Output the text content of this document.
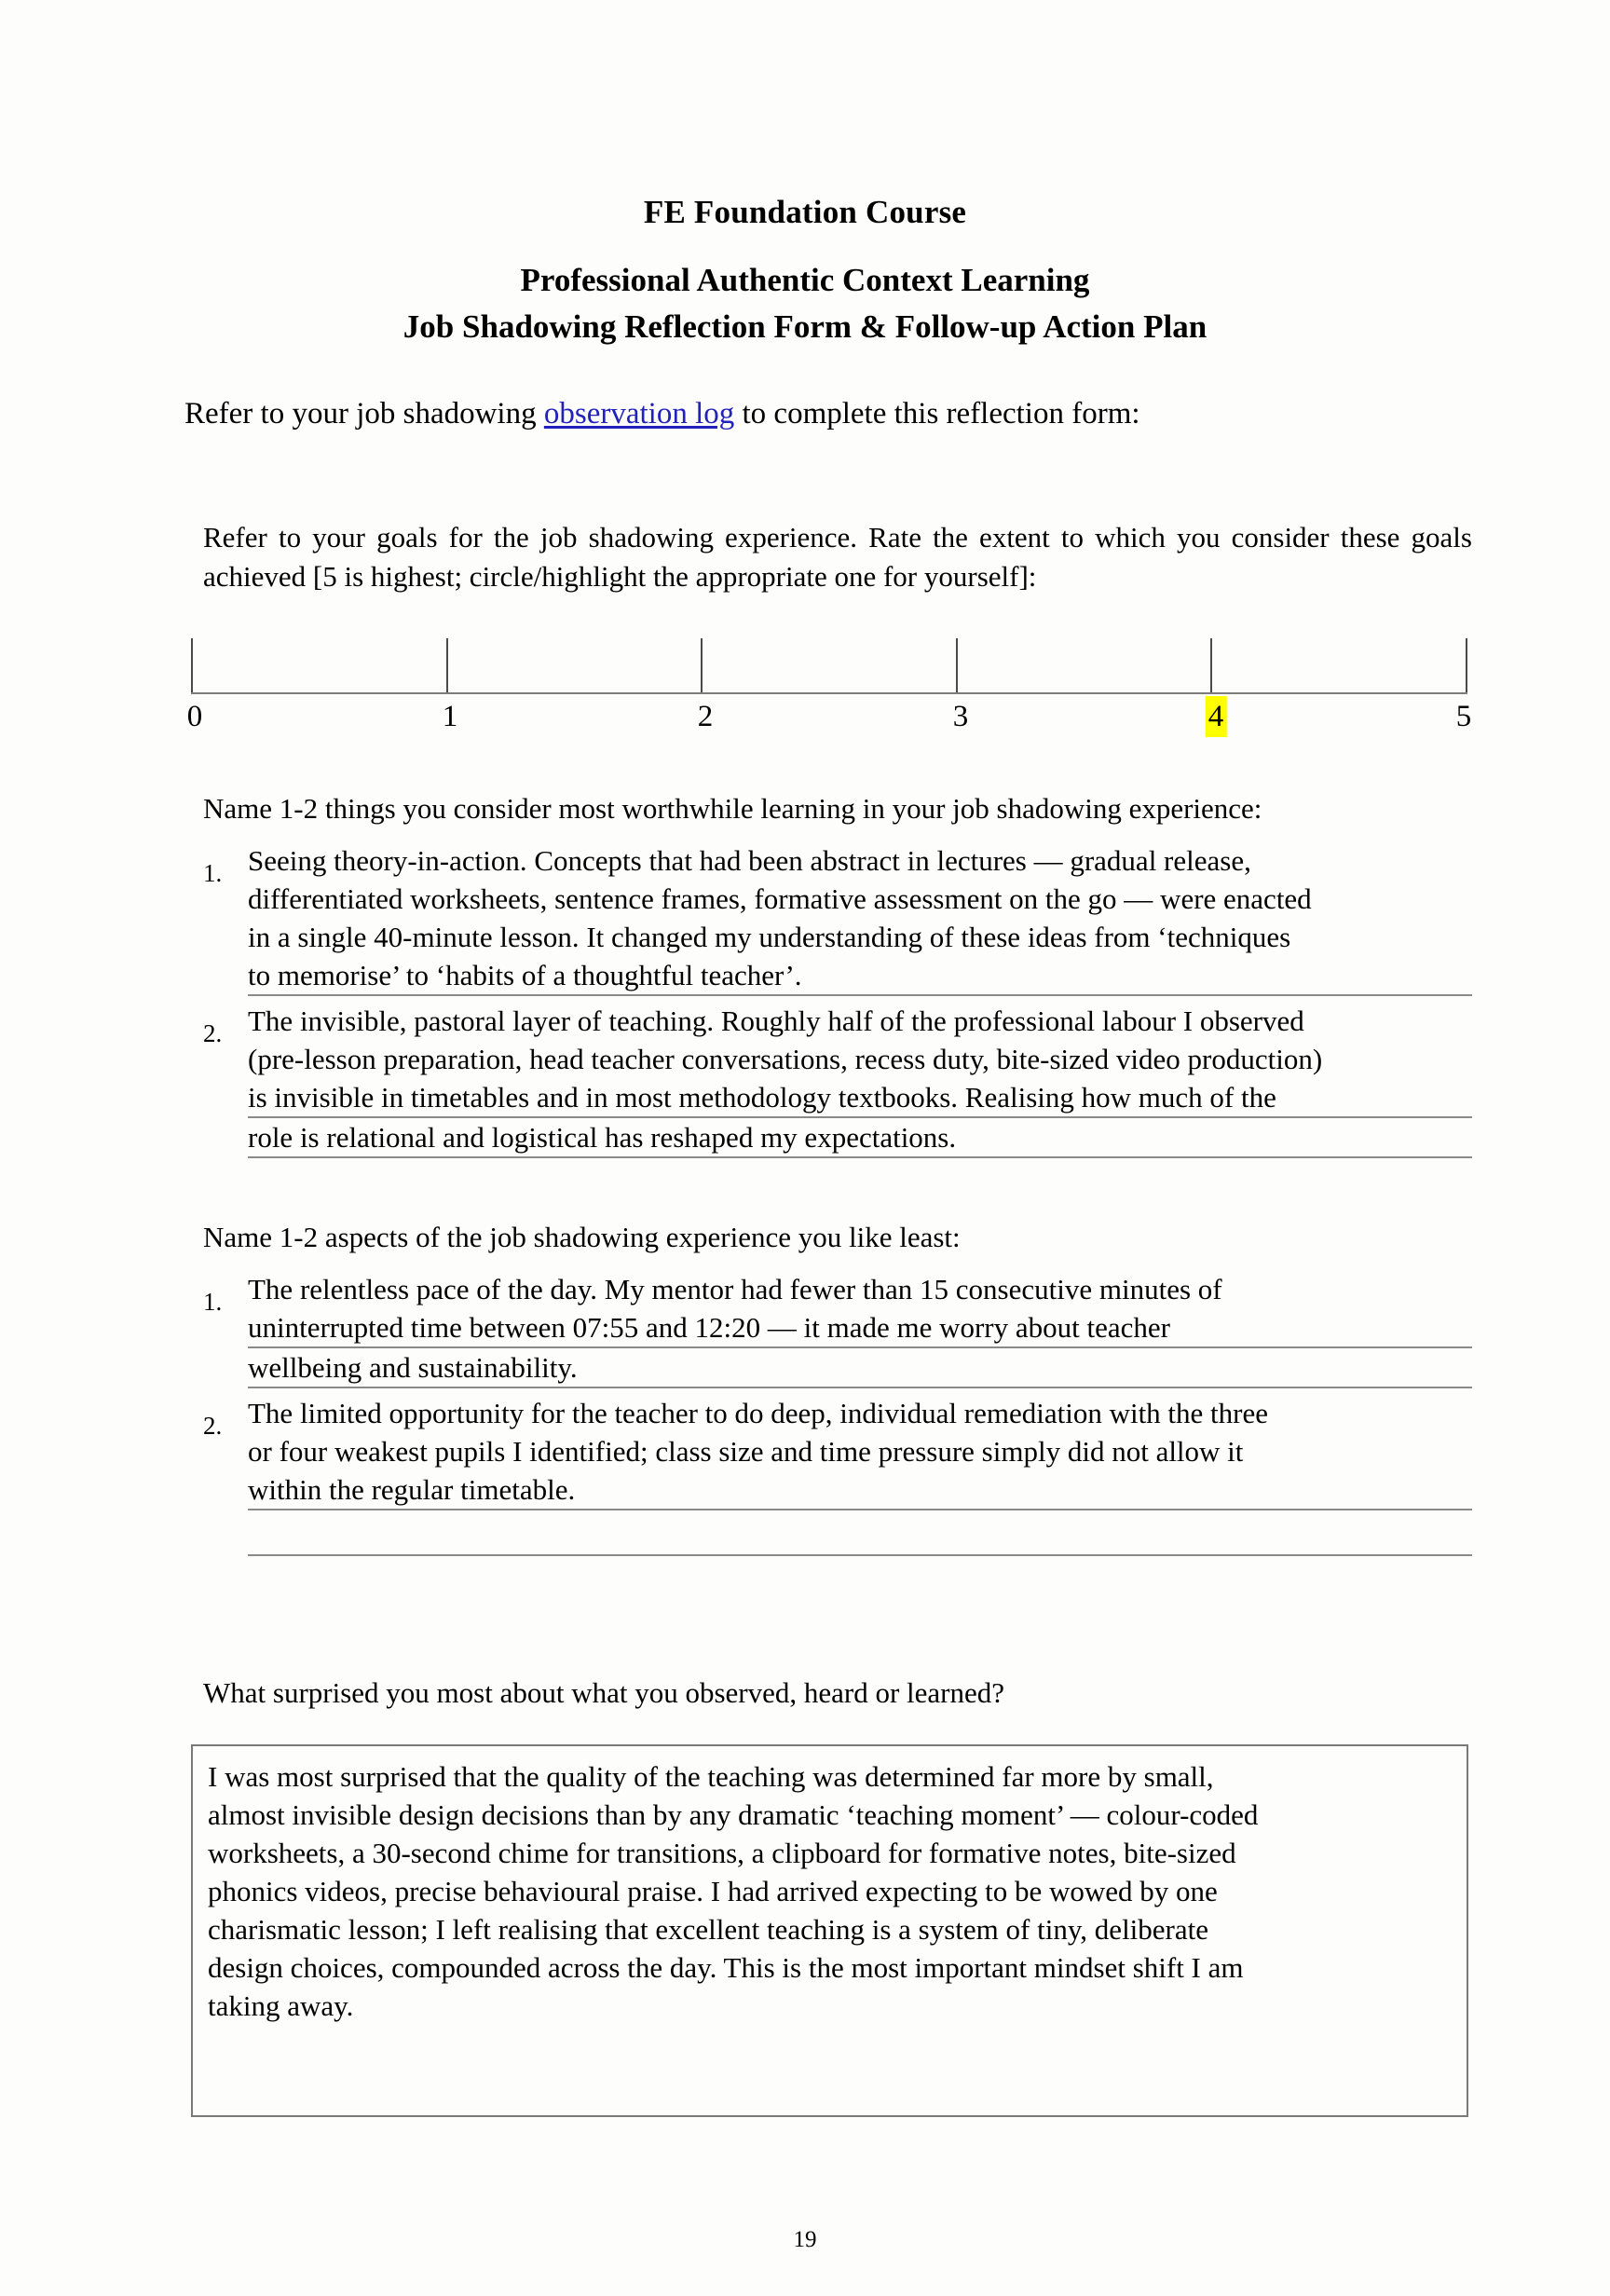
FE Foundation Course
Professional Authentic Context Learning
Job Shadowing Reflection Form & Follow-up Action Plan

Refer to your job shadowing observation log to complete this reflection form:

Refer to your goals for the job shadowing experience. Rate the extent to which you consider these goals achieved [5 is highest; circle/highlight the appropriate one for yourself]:

0	1	2	3	4	5

Name 1-2 things you consider most worthwhile learning in your job shadowing experience:

1. Seeing theory-in-action. Concepts that had been abstract in lectures — gradual release,
differentiated worksheets, sentence frames, formative assessment on the go — were enacted
in a single 40-minute lesson. It changed my understanding of these ideas from ‘techniques
to memorise’ to ‘habits of a thoughtful teacher’.
2. The invisible, pastoral layer of teaching. Roughly half of the professional labour I observed
(pre-lesson preparation, head teacher conversations, recess duty, bite-sized video production)
is invisible in timetables and in most methodology textbooks. Realising how much of the
role is relational and logistical has reshaped my expectations.

Name 1-2 aspects of the job shadowing experience you like least:

1. The relentless pace of the day. My mentor had fewer than 15 consecutive minutes of
uninterrupted time between 07:55 and 12:20 — it made me worry about teacher
wellbeing and sustainability.
2. The limited opportunity for the teacher to do deep, individual remediation with the three
or four weakest pupils I identified; class size and time pressure simply did not allow it
within the regular timetable.

What surprised you most about what you observed, heard or learned?

I was most surprised that the quality of the teaching was determined far more by small,
almost invisible design decisions than by any dramatic ‘teaching moment’ — colour-coded
worksheets, a 30-second chime for transitions, a clipboard for formative notes, bite-sized
phonics videos, precise behavioural praise. I had arrived expecting to be wowed by one
charismatic lesson; I left realising that excellent teaching is a system of tiny, deliberate
design choices, compounded across the day. This is the most important mindset shift I am
taking away.
19
